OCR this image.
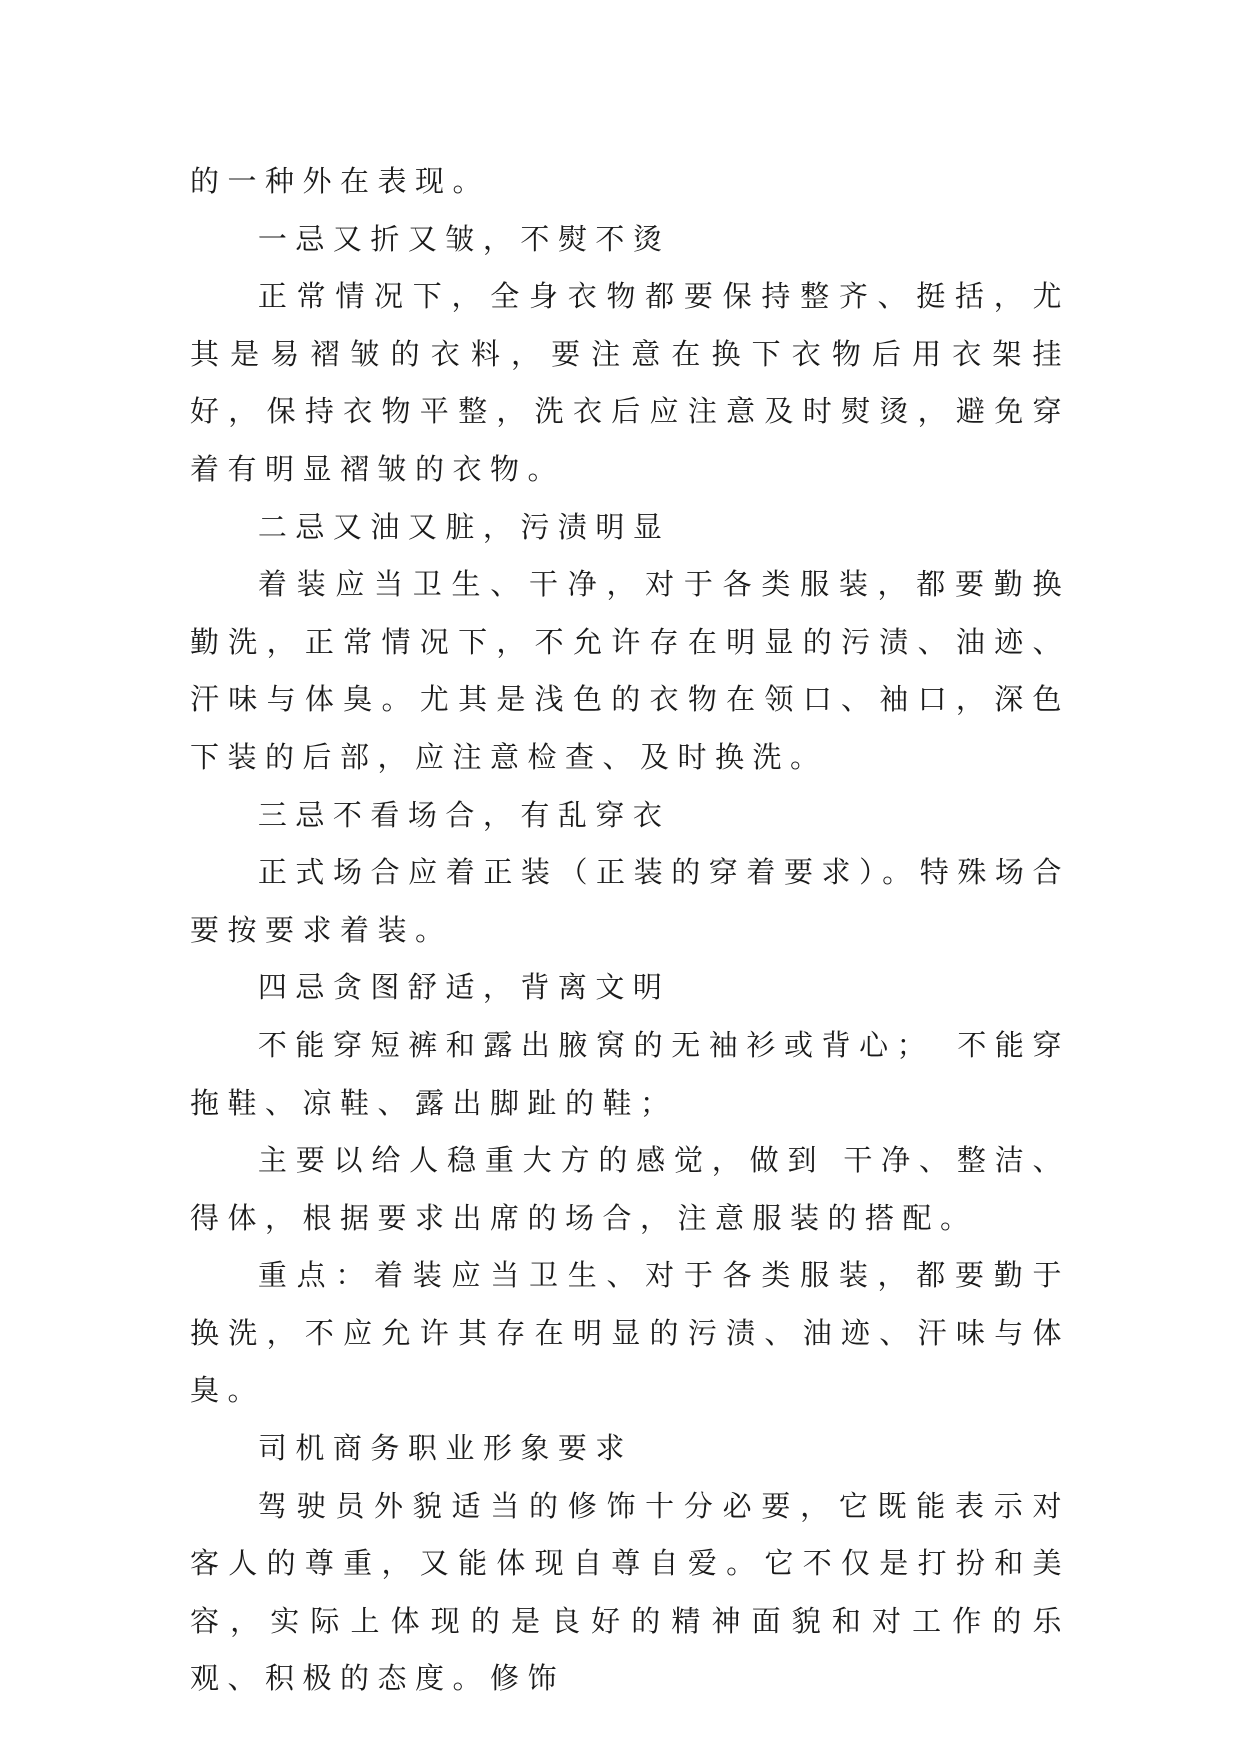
的一种外在表现。

一忌又折又皱，不熨不烫

正常情况下，全身衣物都要保持整齐、挺括，尤其是易褶皱的衣料，要注意在换下衣物后用衣架挂好，保持衣物平整，洗衣后应注意及时熨烫，避免穿着有明显褶皱的衣物。

二忌又油又脏，污渍明显

着装应当卫生、干净，对于各类服装，都要勤换勤洗，正常情况下，不允许存在明显的污渍、油迹、汗味与体臭。尤其是浅色的衣物在领口、袖口，深色下装的后部，应注意检查、及时换洗。

三忌不看场合，有乱穿衣

正式场合应着正装（正装的穿着要求）。特殊场合要按要求着装。

四忌贪图舒适，背离文明

不能穿短裤和露出腋窝的无袖衫或背心；　不能穿拖鞋、凉鞋、露出脚趾的鞋；

主要以给人稳重大方的感觉，做到 干净、整洁、得体，根据要求出席的场合，注意服装的搭配。

重点：着装应当卫生、对于各类服装，都要勤于换洗，不应允许其存在明显的污渍、油迹、汗味与体臭。

司机商务职业形象要求

驾驶员外貌适当的修饰十分必要，它既能表示对客人的尊重，又能体现自尊自爱。它不仅是打扮和美容，实际上体现的是良好的精神面貌和对工作的乐观、积极的态度。修饰
